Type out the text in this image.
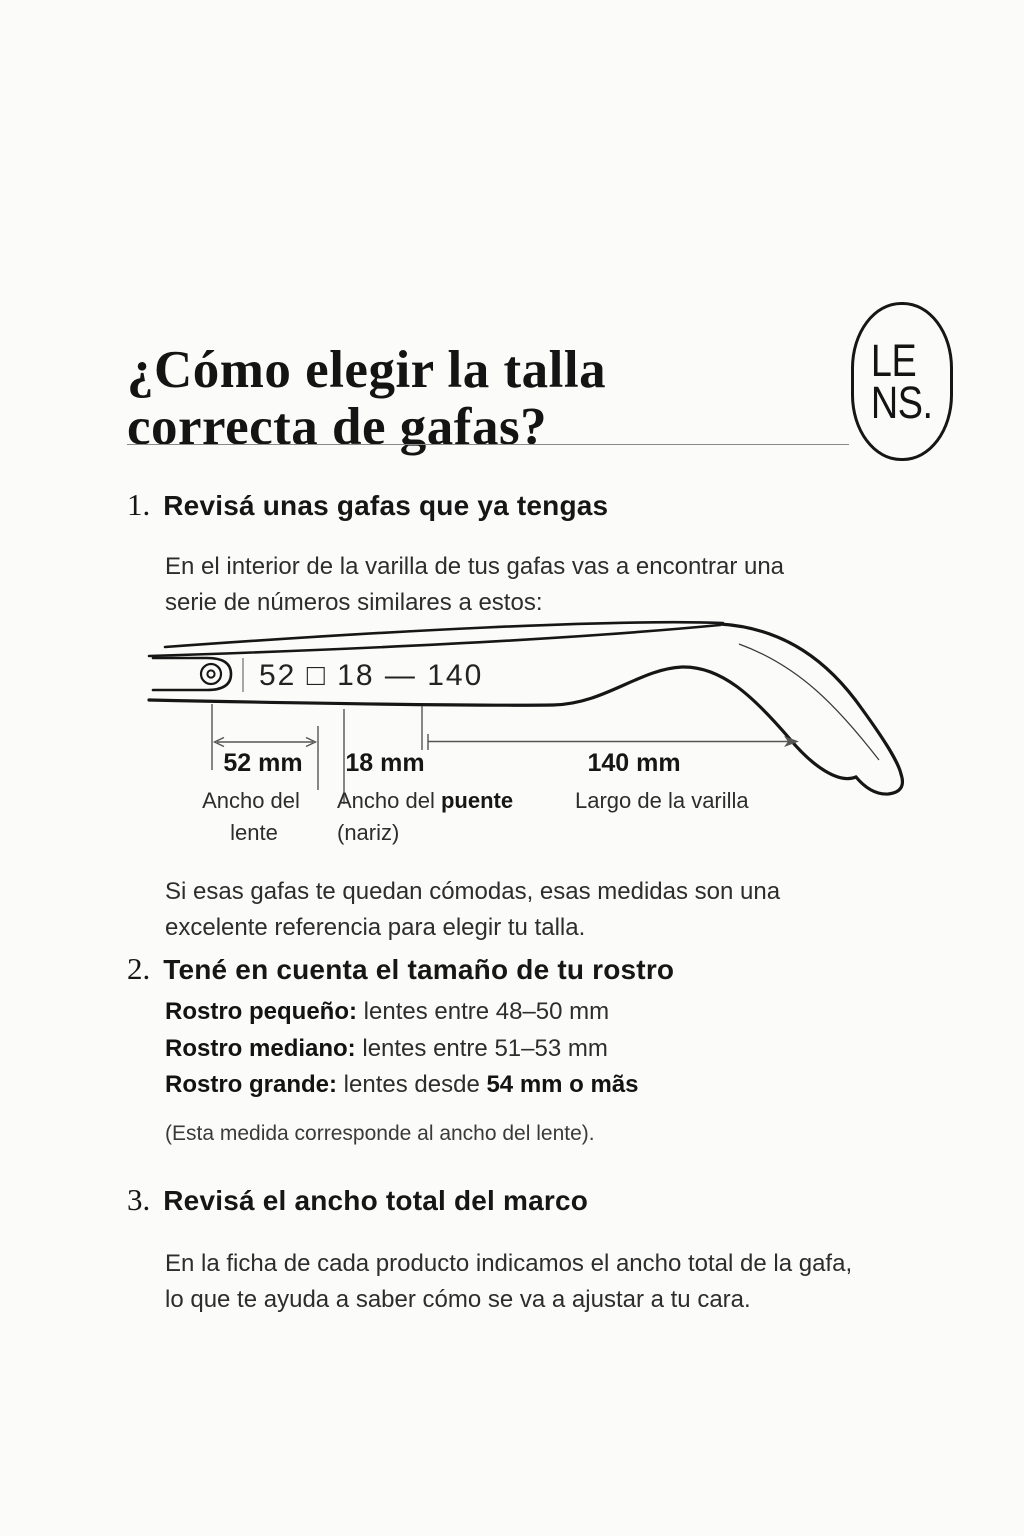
¿Cómo elegir la talla
correcta de gafas?
LE
NS.
1. Revisá unas gafas que ya tengas

En el interior de la varilla de tus gafas vas a encontrar una
serie de números similares a estos:

52 □ 18 — 140
52 mm 18 mm	140 mm
Ancho del
lente
Ancho del puente
(nariz)
Largo de la varilla

Si esas gafas te quedan cómodas, esas medidas son una
excelente referencia para elegir tu talla.

2. Tené en cuenta el tamaño de tu rostro
Rostro pequeño: lentes entre 48–50 mm
Rostro mediano: lentes entre 51–53 mm
Rostro grande: lentes desde 54 mm o mãs
(Esta medida corresponde al ancho del lente).
3. Revisá el ancho total del marco

En la ficha de cada producto indicamos el ancho total de la gafa,
lo que te ayuda a saber cómo se va a ajustar a tu cara.
